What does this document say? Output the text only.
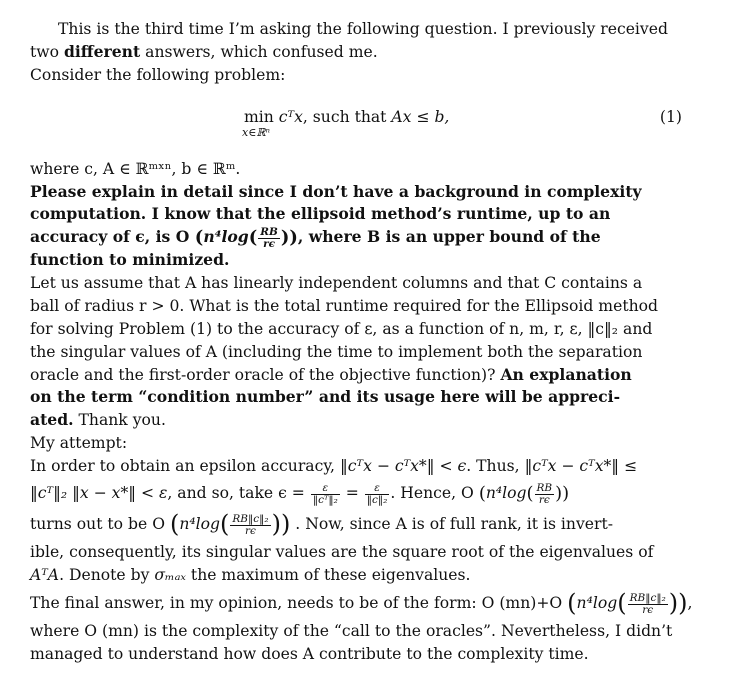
This is the third time I’m asking the following question. I previously received
two different answers, which confused me.
Consider the following problem:
min
x∈ℝⁿ
cᵀx, such that Ax ≤ b,	(1)
where c, A ∈ ℝᵐˣⁿ, b ∈ ℝᵐ.
Please explain in detail since I don’t have a background in complexity
computation. I know that the ellipsoid method’s runtime, up to an
accuracy of ϵ, is O ($n^4\log( \frac{RB}{r\epsilon}$ )), where B is an upper bound of the
function to minimized.
Let us assume that A has linearly independent columns and that C contains a
ball of radius r > 0. What is the total runtime required for the Ellipsoid method
for solving Problem (1) to the accuracy of ε, as a function of n, m, r, ε, ‖c‖₂ and
the singular values of A (including the time to implement both the separation
oracle and the first-order oracle of the objective function)? An explanation
on the term “condition number” and its usage here will be appreci-
ated. Thank you.
My attempt:
In order to obtain an epsilon accuracy, ‖cᵀx − cᵀx*‖ < ϵ. Thus, ‖cᵀx − cᵀx*‖ ≤
‖cᵀ‖₂ ‖x − x*‖ < ε, and so, take $\epsilon = \frac{\varepsilon}{\text{‖cᵀ‖₂}} = \frac{\varepsilon}{\text{‖c‖₂}}$ . Hence, O ($n^4\log( \frac{RB}{r\epsilon}$ ))
turns out to be O ($n^4\log( \frac{\text{RB‖c‖₂}}{r\epsilon}$ )) . Now, since A is of full rank, it is invert-
ible, consequently, its singular values are the square root of the eigenvalues of
AᵀA. Denote by σₘₐₓ the maximum of these eigenvalues.
The final answer, in my opinion, needs to be of the form: O (mn)+O ($n^4\log( \frac{\text{RB‖c‖₂}}{r\epsilon}$ )),
where O (mn) is the complexity of the “call to the oracles”. Nevertheless, I didn’t
managed to understand how does A contribute to the complexity time.
